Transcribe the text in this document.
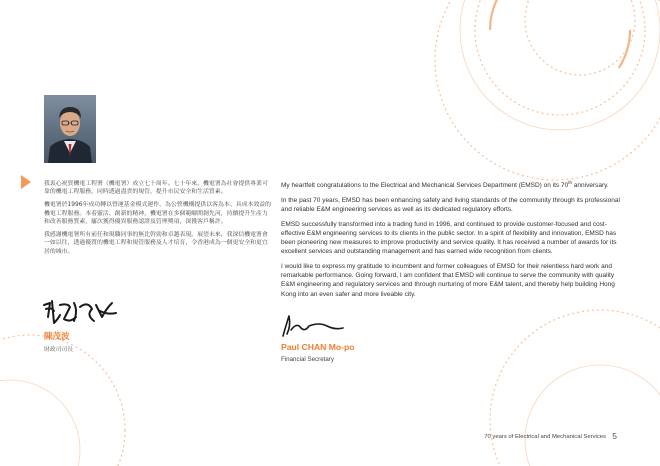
我衷心祝賀機電工程署（機電署）成立七十周年。七十年來，機電署為社會提供專業可靠的機電工程服務，同時透過盡責的規管，提升市民安全和生活質素。

機電署於1996年成功轉以營運基金模式運作，為公營機構提供以客為本、具成本效益的機電工程服務。本着靈活、創新的精神，機電署在多個範疇開創先河，持續提升生產力和改善服務質素，屢次獲得優異服務認證及管理獎項，深獲客戶稱許。

我感謝機電署所有前任和現職同事的無比幹勁和卓越表現。展望未來，我深信機電署會一如以往，透過優質的機電工程和規管服務及人才培育，令香港成為一個更安全和更宜居的城市。

陳茂波
財政司司長

My heartfelt congratulations to the Electrical and Mechanical Services Department (EMSD) on its 70th anniversary.

In the past 70 years, EMSD has been enhancing safety and living standards of the community through its professional and reliable E&M engineering services as well as its dedicated regulatory efforts.

EMSD successfully transformed into a trading fund in 1996, and continued to provide customer-focused and cost-effective E&M engineering services to its clients in the public sector. In a spirit of flexibility and innovation, EMSD has been pioneering new measures to improve productivity and service quality. It has received a number of awards for its excellent services and outstanding management and has earned wide recognition from clients.

I would like to express my gratitude to incumbent and former colleagues of EMSD for their relentless hard work and remarkable performance. Going forward, I am confident that EMSD will continue to serve the community with quality E&M engineering and regulatory services and through nurturing of more E&M talent, and thereby help building Hong Kong into an even safer and more liveable city.

Paul CHAN Mo-po
Financial Secretary
70 years of Electrical and Mechanical Services 5
